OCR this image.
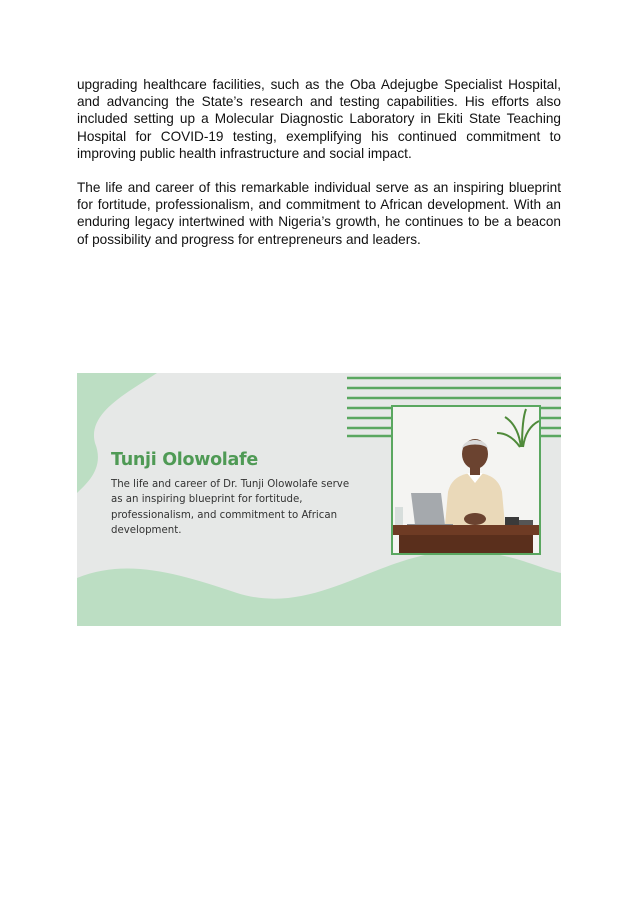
upgrading healthcare facilities, such as the Oba Adejugbe Specialist Hospital, and advancing the State’s research and testing capabilities. His efforts also included setting up a Molecular Diagnostic Laboratory in Ekiti State Teaching Hospital for COVID-19 testing, exemplifying his continued commitment to improving public health infrastructure and social impact.

The life and career of this remarkable individual serve as an inspiring blueprint for fortitude, professionalism, and commitment to African development. With an enduring legacy intertwined with Nigeria’s growth, he continues to be a beacon of possibility and progress for entrepreneurs and leaders.

Tunji Olowolafe
The life and career of Dr. Tunji Olowolafe serve as an inspiring blueprint for fortitude, professionalism, and commitment to African development.
